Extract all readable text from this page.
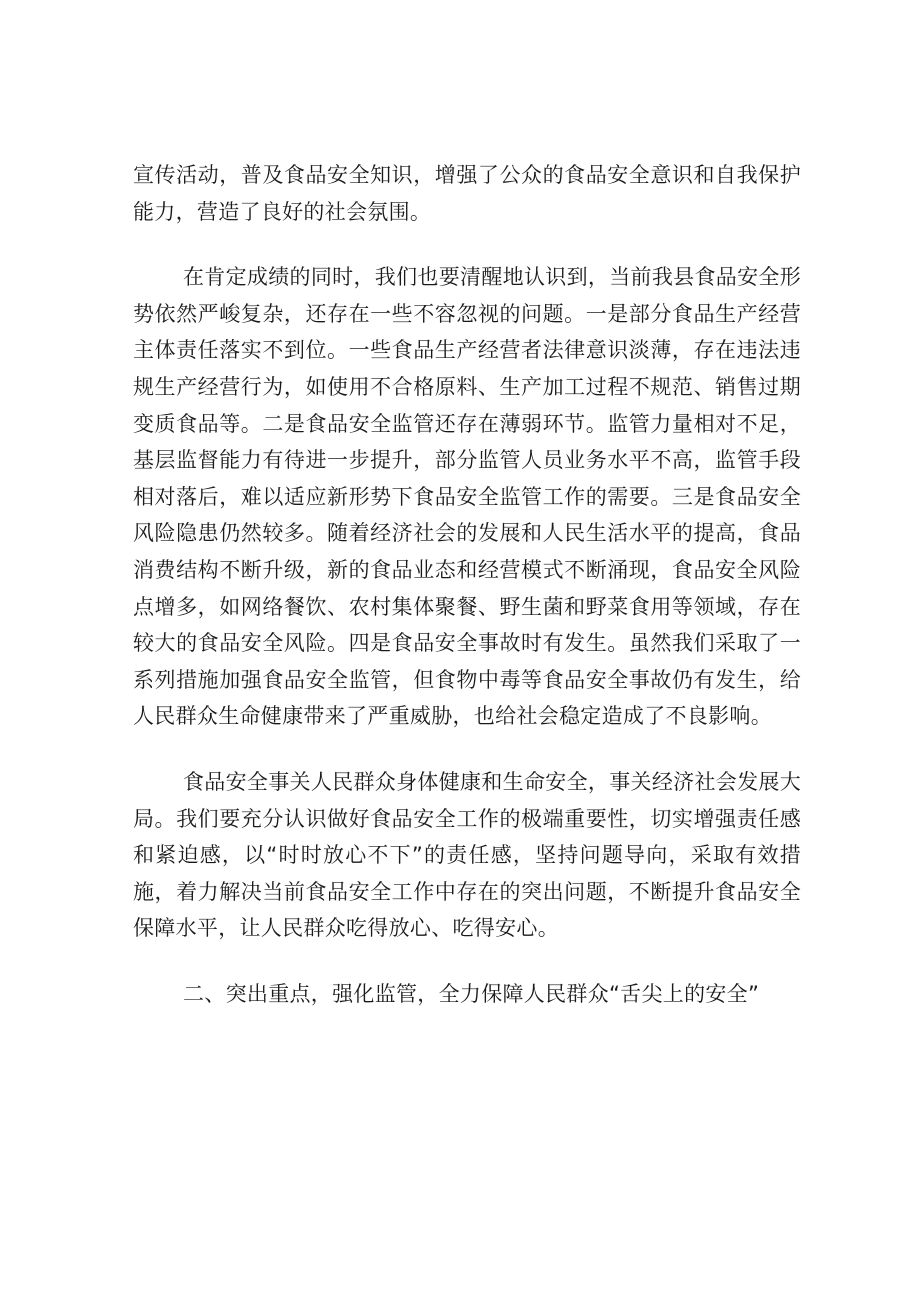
宣传活动，普及食品安全知识，增强了公众的食品安全意识和自我保护能力，营造了良好的社会氛围。

在肯定成绩的同时，我们也要清醒地认识到，当前我县食品安全形势依然严峻复杂，还存在一些不容忽视的问题。一是部分食品生产经营主体责任落实不到位。一些食品生产经营者法律意识淡薄，存在违法违规生产经营行为，如使用不合格原料、生产加工过程不规范、销售过期变质食品等。二是食品安全监管还存在薄弱环节。监管力量相对不足，基层监督能力有待进一步提升，部分监管人员业务水平不高，监管手段相对落后，难以适应新形势下食品安全监管工作的需要。三是食品安全风险隐患仍然较多。随着经济社会的发展和人民生活水平的提高，食品消费结构不断升级，新的食品业态和经营模式不断涌现，食品安全风险点增多，如网络餐饮、农村集体聚餐、野生菌和野菜食用等领域，存在较大的食品安全风险。四是食品安全事故时有发生。虽然我们采取了一系列措施加强食品安全监管，但食物中毒等食品安全事故仍有发生，给人民群众生命健康带来了严重威胁，也给社会稳定造成了不良影响。

食品安全事关人民群众身体健康和生命安全，事关经济社会发展大局。我们要充分认识做好食品安全工作的极端重要性，切实增强责任感和紧迫感，以“时时放心不下”的责任感，坚持问题导向，采取有效措施，着力解决当前食品安全工作中存在的突出问题，不断提升食品安全保障水平，让人民群众吃得放心、吃得安心。

二、突出重点，强化监管，全力保障人民群众“舌尖上的安全”
